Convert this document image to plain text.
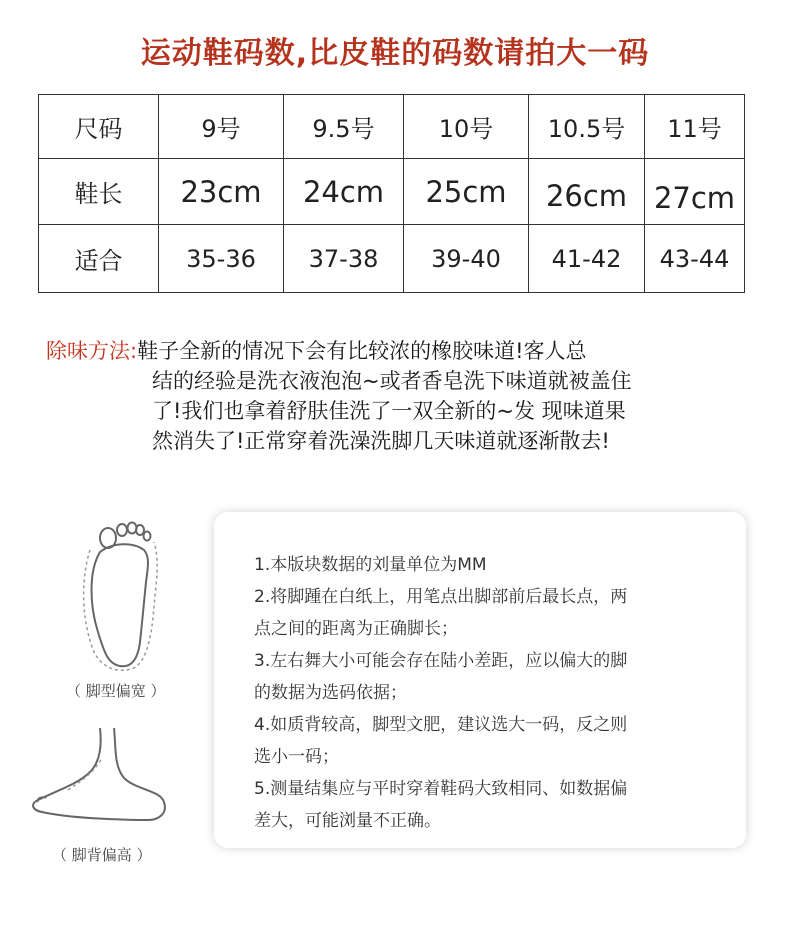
运动鞋码数,比皮鞋的码数请拍大一码
尺码	9号	9.5号	10号	10.5号	11号
鞋长	23cm	24cm	25cm	26cm	27cm
适合	35-36	37-38	39-40	41-42	43-44
除味方法:鞋子全新的情况下会有比较浓的橡胶味道!客人总
结的经验是洗衣液泡泡~或者香皂洗下味道就被盖住
了!我们也拿着舒肤佳洗了一双全新的~发 现味道果
然消失了!正常穿着洗澡洗脚几天味道就逐渐散去!
（ 脚型偏宽 ）
（ 脚背偏高 ）
1.本版块数据的刘量单位为MM
2.将脚踵在白纸上，用笔点出脚部前后最长点，两
点之间的距离为正确脚长；
3.左右舞大小可能会存在陆小差距，应以偏大的脚
的数据为选码依据；
4.如质背较高，脚型文肥，建议选大一码，反之则
选小一码；
5.测量结集应与平时穿着鞋码大致相同、如数据偏
差大，可能浏量不正确。
